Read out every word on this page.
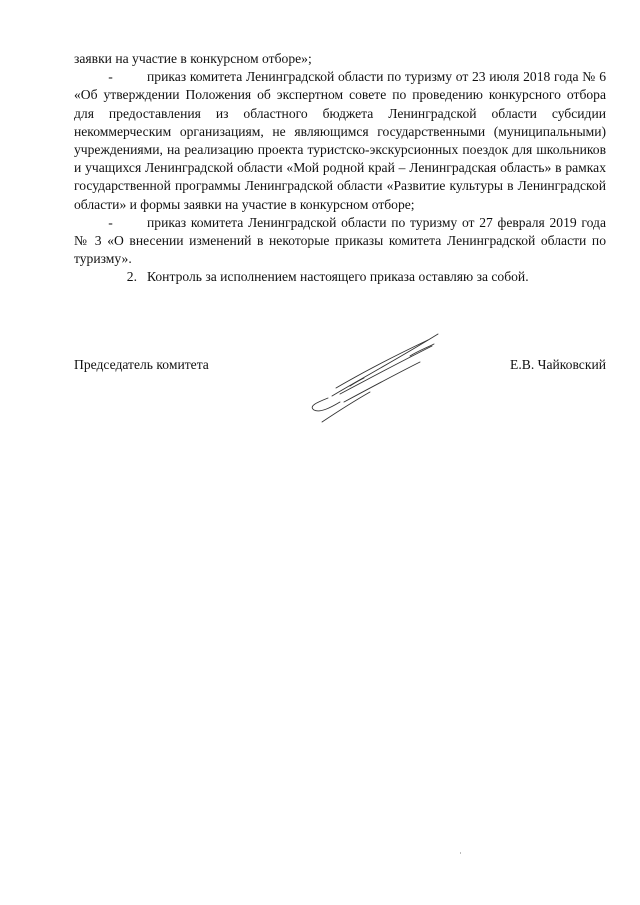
заявки на участие в конкурсном отборе»;

-	приказ комитета Ленинградской области по туризму от 23 июля 2018 года № 6 «Об утверждении Положения об экспертном совете по проведению конкурсного отбора для предоставления из областного бюджета Ленинградской области субсидии некоммерческим организациям, не являющимся государственными (муниципальными) учреждениями, на реализацию проекта туристско-экскурсионных поездок для школьников и учащихся Ленинградской области «Мой родной край – Ленинградская область» в рамках государственной программы Ленинградской области «Развитие культуры в Ленинградской области» и формы заявки на участие в конкурсном отборе;

-	приказ комитета Ленинградской области по туризму от 27 февраля 2019 года № 3 «О внесении изменений в некоторые приказы комитета Ленинградской области по туризму».

2. Контроль за исполнением настоящего приказа оставляю за собой.

Председатель комитета	Е.В. Чайковский
